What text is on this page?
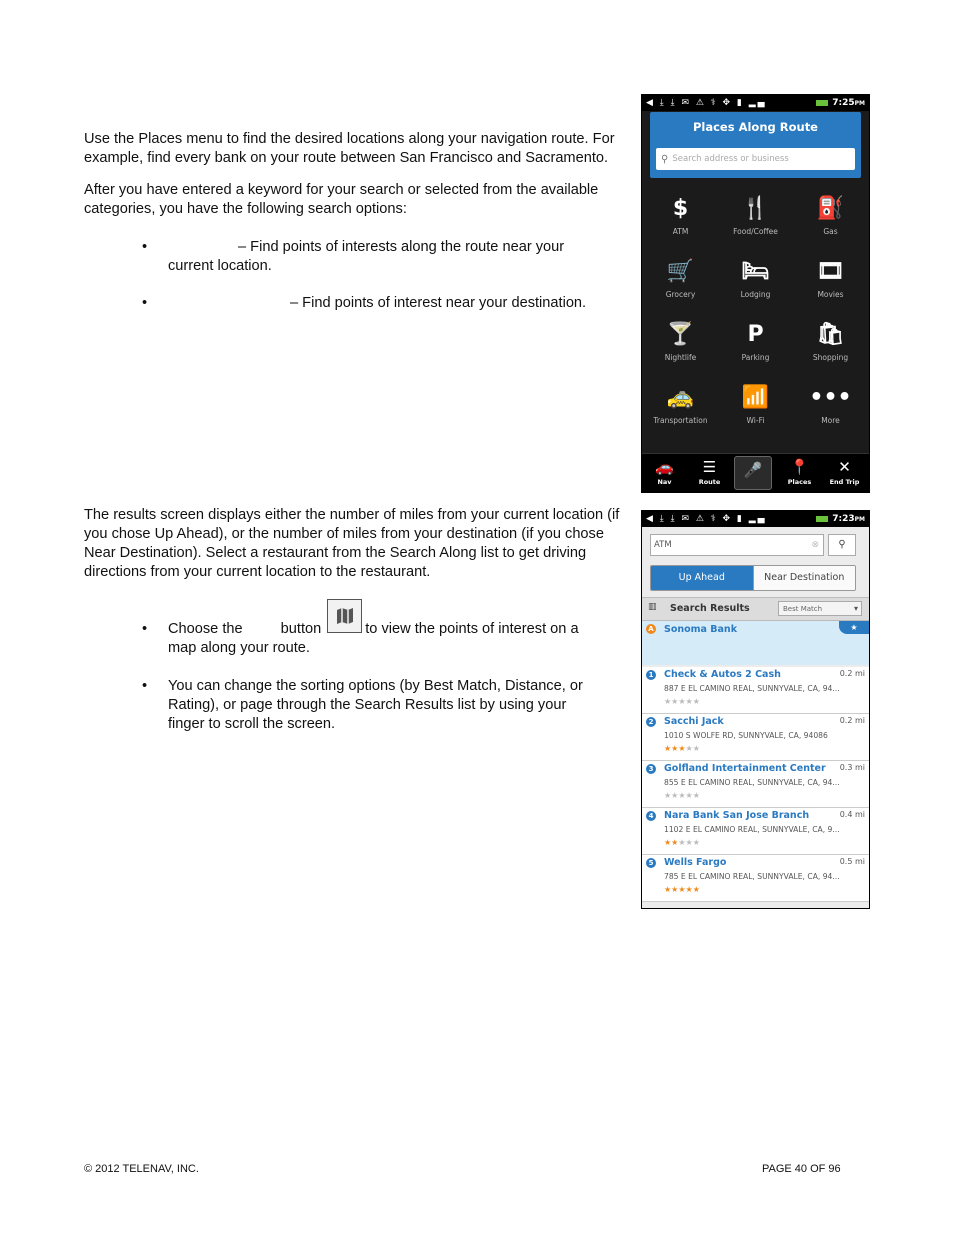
Use the Places menu to find the desired locations along your navigation route. For example, find every bank on your route between San Francisco and Sacramento.

After you have entered a keyword for your search or selected from the available categories, you have the following search options:

•	– Find points of interests along the route near your current location.
•	– Find points of interest near your destination.
◀ ⤓ ⤓ ✉ ⚠ ⚕ ✥ ▮ ▂▄	7:25PM
Places Along Route
⚲ Search address or business
$
ATM
🍴
Food/Coffee
⛽
Gas
🛒
Grocery
🛏
Lodging
🎞
Movies
🍸
Nightlife
P
Parking
🛍
Shopping
🚕
Transportation
📶
Wi-Fi
•••
More
🚗
Nav
☰
Route
🎤	📍
Places
✕
End Trip

The results screen displays either the number of miles from your current location (if you chose Up Ahead), or the number of miles from your destination (if you chose Near Destination). Select a restaurant from the Search Along list to get driving directions from your current location to the restaurant.

• Choose the	button	to view the points of interest on a map along your route.
• You can change the sorting options (by Best Match, Distance, or Rating), or page through the Search Results list by using your finger to scroll the screen.
◀ ⤓ ⤓ ✉ ⚠ ⚕ ✥ ▮ ▂▄	7:23PM
ATM	⊗	⚲
Up Ahead	Near Destination
▥ Search Results	Best Match	▾
A Sonoma Bank	★
1 Check & Autos 2 Cash	0.2 mi
887 E EL CAMINO REAL, SUNNYVALE, CA, 94...
★★★★★
2 Sacchi Jack	0.2 mi
1010 S WOLFE RD, SUNNYVALE, CA, 94086
★★★★★
3 Golfland Intertainment Center 0.3 mi
855 E EL CAMINO REAL, SUNNYVALE, CA, 94...
★★★★★
4 Nara Bank San Jose Branch	0.4 mi
1102 E EL CAMINO REAL, SUNNYVALE, CA, 9...
★★★★★
5 Wells Fargo	0.5 mi
785 E EL CAMINO REAL, SUNNYVALE, CA, 94...
★★★★★
© 2012 TELENAV, INC.	PAGE 40 OF 96
